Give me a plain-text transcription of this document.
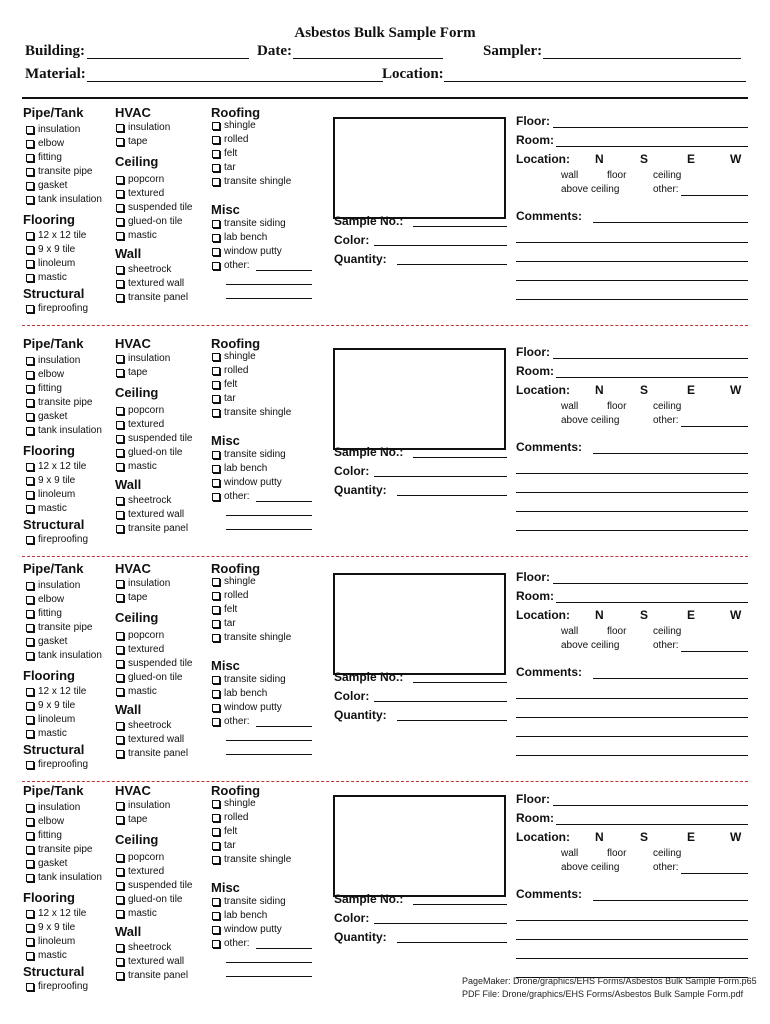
Asbestos Bulk Sample Form
Building:	Date:	Sampler:
Material:	Location:
Pipe/Tank
insulation
elbow
fitting
transite pipe
gasket
tank insulation
Flooring
12 x 12 tile
9 x 9 tile
linoleum
mastic
Structural
fireproofing
HVAC
insulation
tape
Ceiling
popcorn
textured
suspended tile
glued-on tile
mastic
Wall
sheetrock
textured wall
transite panel
Roofing
shingle
rolled
felt
tar
transite shingle
Misc
transite siding
lab bench
window putty
other:
Sample No.:
Color:
Quantity:
Floor:
Room:
Location: N	S	E	W
wall	floor	ceiling
above ceiling	other:
Comments:
Pipe/Tank
insulation
elbow
fitting
transite pipe
gasket
tank insulation
Flooring
12 x 12 tile
9 x 9 tile
linoleum
mastic
Structural
fireproofing
HVAC
insulation
tape
Ceiling
popcorn
textured
suspended tile
glued-on tile
mastic
Wall
sheetrock
textured wall
transite panel
Roofing
shingle
rolled
felt
tar
transite shingle
Misc
transite siding
lab bench
window putty
other:
Sample No.:
Color:
Quantity:
Floor:
Room:
Location: N	S	E	W
wall	floor	ceiling
above ceiling	other:
Comments:
Pipe/Tank
insulation
elbow
fitting
transite pipe
gasket
tank insulation
Flooring
12 x 12 tile
9 x 9 tile
linoleum
mastic
Structural
fireproofing
HVAC
insulation
tape
Ceiling
popcorn
textured
suspended tile
glued-on tile
mastic
Wall
sheetrock
textured wall
transite panel
Roofing
shingle
rolled
felt
tar
transite shingle
Misc
transite siding
lab bench
window putty
other:
Sample No.:
Color:
Quantity:
Floor:
Room:
Location: N	S	E	W
wall	floor	ceiling
above ceiling	other:
Comments:
Pipe/Tank
insulation
elbow
fitting
transite pipe
gasket
tank insulation
Flooring
12 x 12 tile
9 x 9 tile
linoleum
mastic
Structural
fireproofing
HVAC
insulation
tape
Ceiling
popcorn
textured
suspended tile
glued-on tile
mastic
Wall
sheetrock
textured wall
transite panel
Roofing
shingle
rolled
felt
tar
transite shingle
Misc
transite siding
lab bench
window putty
other:
Sample No.:
Color:
Quantity:
Floor:
Room:
Location: N	S	E	W
wall	floor	ceiling
above ceiling	other:
Comments:
PageMaker: Drone/graphics/EHS Forms/Asbestos Bulk Sample Form.p65
PDF File: Drone/graphics/EHS Forms/Asbestos Bulk Sample Form.pdf
